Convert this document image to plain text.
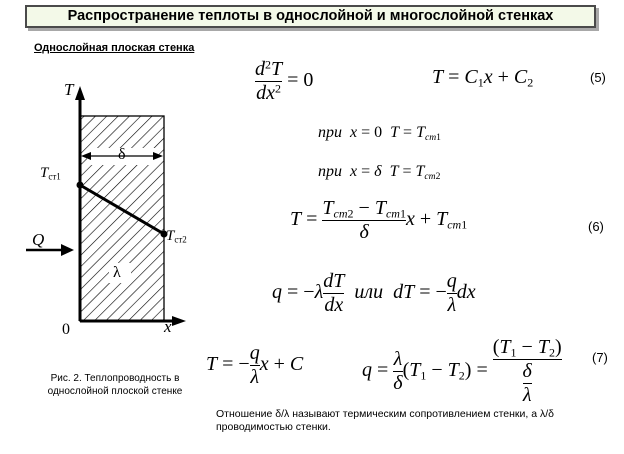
Распространение теплоты в однослойной и многослойной стенках
Однослойная плоская стенка
T
x
0
Q
δ
λ
$T_{ст1}$
$T_{ст2}$
Рис. 2. Теплопроводность в однослойной плоской стенке
$\frac{d^2T}{dx^2} = 0$	$T = C_1x + C_2$	(5)
при x = 0  $T = T_{cm1}$
при x = δ $T = T_{cm2}$
$T = \frac{T_{cm2} - T_{cm1}}{\delta}$ $x + T_{cm1}$	(6)
$q = -\lambda \frac{dT}{dx}$ или dT = − $\frac{q}{\lambda}$ dx
T = − $\frac{q}{\lambda}$ x + C	$q = \frac{\lambda}{\delta} (T_1 - T_2) = \frac{(T_1 - T_2)}{\frac{\delta}{\lambda}} (7)$
Отношение δ/λ называют термическим сопротивлением стенки, а λ/δ проводимостью стенки.
